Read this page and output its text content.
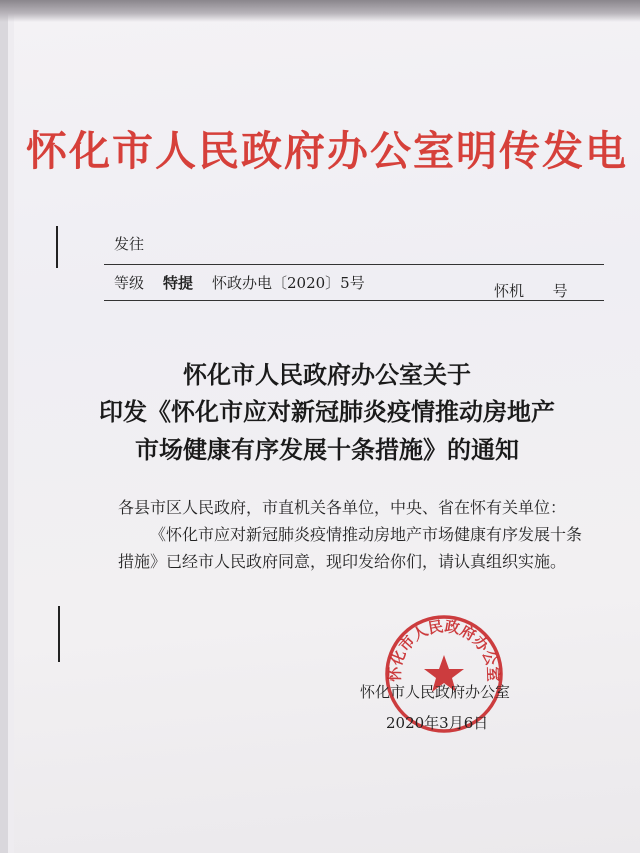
怀化市人民政府办公室明传发电
发往
等级 特提 怀政办电〔2020〕5号	怀机      号
怀化市人民政府办公室关于
印发《怀化市应对新冠肺炎疫情推动房地产
市场健康有序发展十条措施》的通知

各县市区人民政府，市直机关各单位，中央、省在怀有关单位：

《怀化市应对新冠肺炎疫情推动房地产市场健康有序发展十条措施》已经市人民政府同意，现印发给你们，请认真组织实施。

怀化市人民政府办公室
怀化市人民政府办公室
2020年3月6日
